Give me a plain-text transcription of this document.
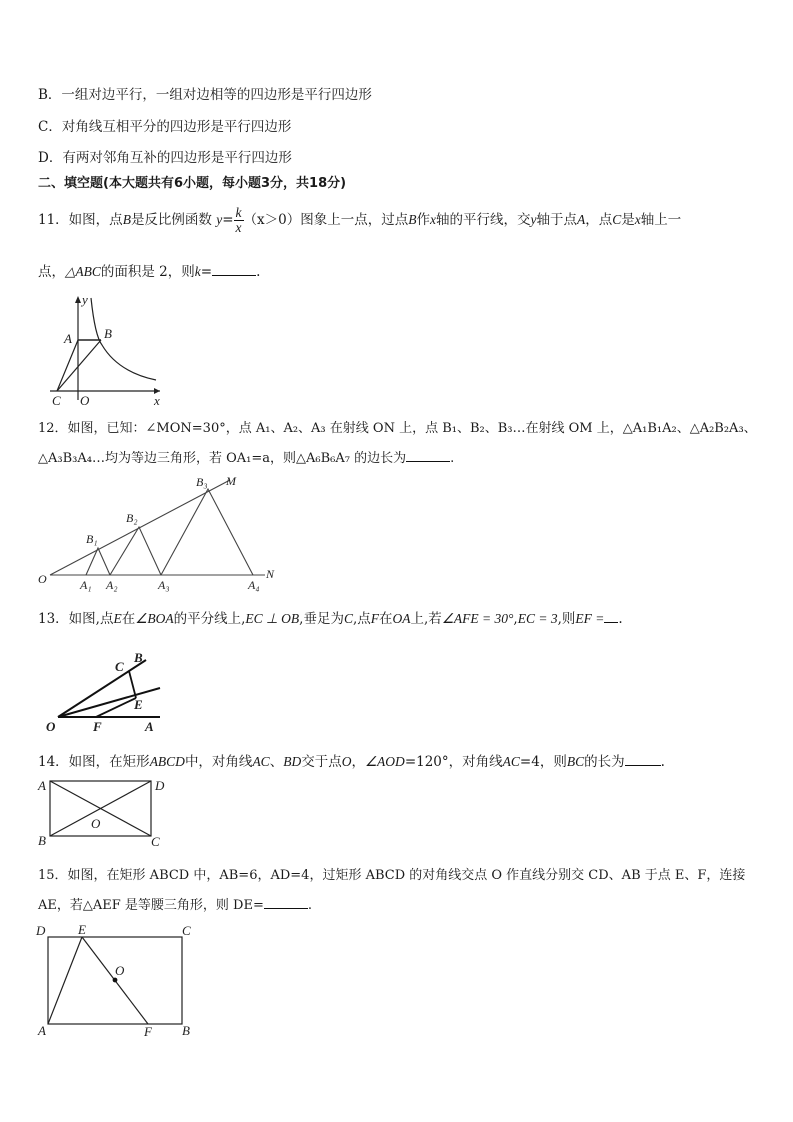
B．一组对边平行，一组对边相等的四边形是平行四边形
C．对角线互相平分的四边形是平行四边形
D．有两对邻角互补的四边形是平行四边形
二、填空题(本大题共有6小题，每小题3分，共18分)
11．如图，点B是反比例函数 $y= \frac{k}{x} (x>0)$图象上一点，过点B作x轴的平行线，交y轴于点A，点C是x轴上一
点，△ABC的面积是 2，则k=	.
y
A B
C O	x
12．如图，已知：∠MON=30°，点 A₁、A₂、A₃ 在射线 ON 上，点 B₁、B₂、B₃…在射线 OM 上，△A₁B₁A₂、△A₂B₂A₃、
△A₃B₃A₄…均为等边三角形，若 OA₁=a，则△A₆B₆A₇ 的边长为	.
O	A₁ A₂	A₃	A₄
N
B₁
B₂
B₃ M
13．如图,点E在∠BOA的平分线上,EC ⊥ OB,垂足为C,点F在OA上,若∠AFE = 30°,EC = 3,则EF = .
B
C
E
O	F	A
14．如图，在矩形ABCD中，对角线AC、BD交于点O，∠AOD=120°，对角线AC=4，则BC的长为	.
A	D
B	C
O
15．如图，在矩形 ABCD 中，AB=6，AD=4，过矩形 ABCD 的对角线交点 O 作直线分别交 CD、AB 于点 E、F，连接
AE，若△AEF 是等腰三角形，则 DE=	.
D	E	C
O
A	F B
